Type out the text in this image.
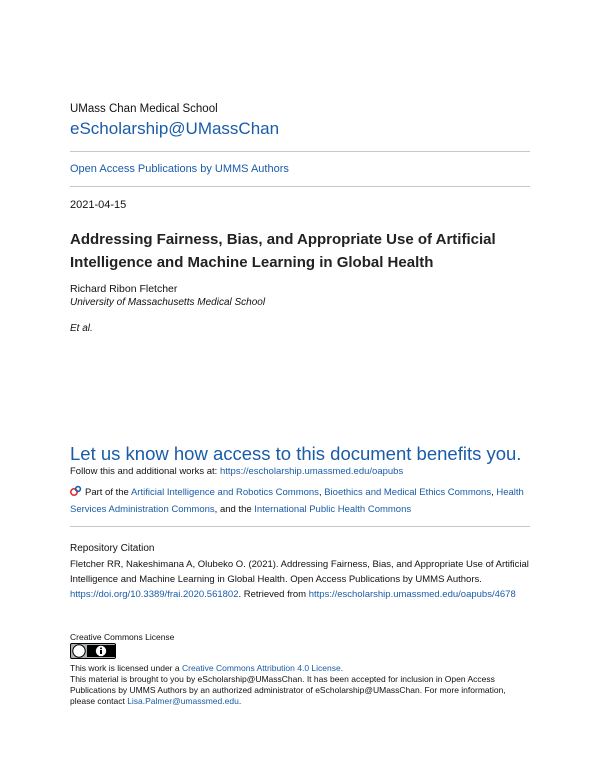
UMass Chan Medical School
eScholarship@UMassChan
Open Access Publications by UMMS Authors
2021-04-15
Addressing Fairness, Bias, and Appropriate Use of Artificial Intelligence and Machine Learning in Global Health
Richard Ribon Fletcher
University of Massachusetts Medical School
Et al.
Let us know how access to this document benefits you.
Follow this and additional works at: https://escholarship.umassmed.edu/oapubs
Part of the Artificial Intelligence and Robotics Commons, Bioethics and Medical Ethics Commons, Health Services Administration Commons, and the International Public Health Commons
Repository Citation
Fletcher RR, Nakeshimana A, Olubeko O. (2021). Addressing Fairness, Bias, and Appropriate Use of Artificial Intelligence and Machine Learning in Global Health. Open Access Publications by UMMS Authors. https://doi.org/10.3389/frai.2020.561802. Retrieved from https://escholarship.umassmed.edu/oapubs/4678
Creative Commons License
This work is licensed under a Creative Commons Attribution 4.0 License.
This material is brought to you by eScholarship@UMassChan. It has been accepted for inclusion in Open Access Publications by UMMS Authors by an authorized administrator of eScholarship@UMassChan. For more information, please contact Lisa.Palmer@umassmed.edu.
